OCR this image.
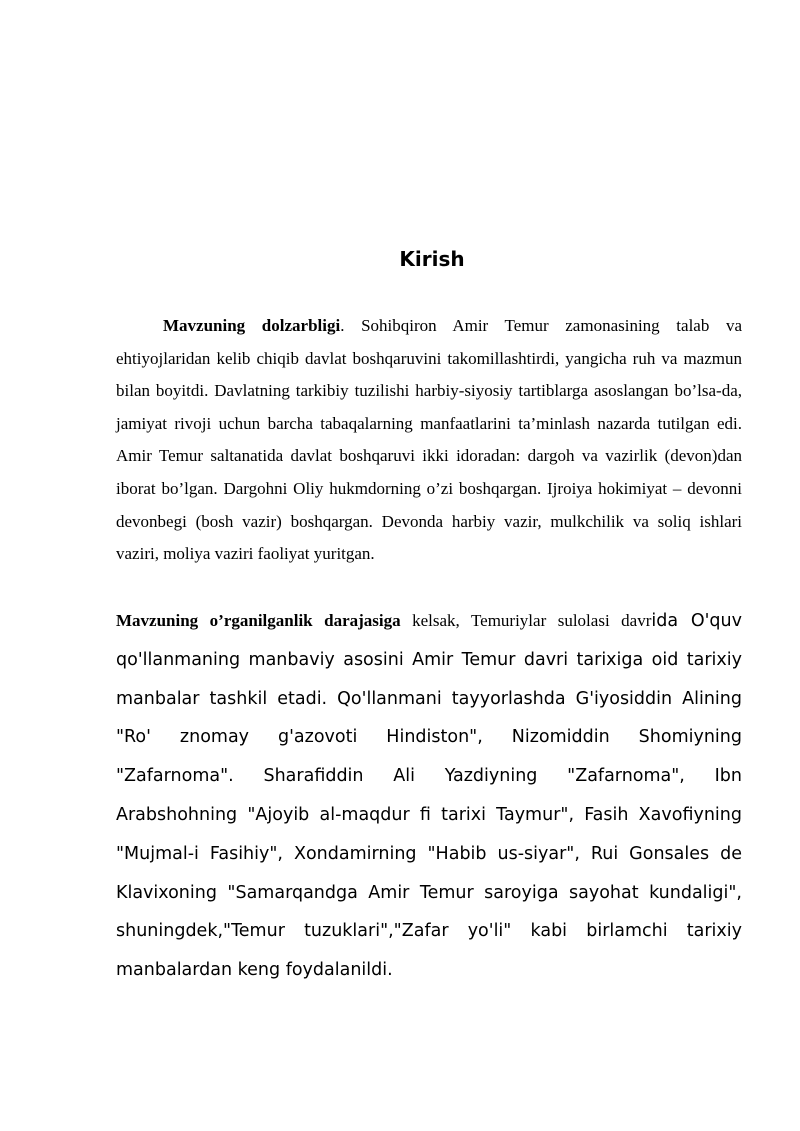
Kirish

Mavzuning dolzarbligi. Sohibqiron Amir Temur zamonasining talab va ehtiyojlaridan kelib chiqib davlat boshqaruvini takomillashtirdi, yangicha ruh va mazmun bilan boyitdi. Davlatning tarkibiy tuzilishi harbiy-siyosiy tartiblarga asoslangan bo’lsa-da, jamiyat rivoji uchun barcha tabaqalarning manfaatlarini ta’minlash nazarda tutilgan edi. Amir Temur saltanatida davlat boshqaruvi ikki idoradan: dargoh va vazirlik (devon)dan iborat bo’lgan. Dargohni Oliy hukmdorning o’zi boshqargan. Ijroiya hokimiyat – devonni devonbegi (bosh vazir) boshqargan. Devonda harbiy vazir, mulkchilik va soliq ishlari vaziri, moliya vaziri faoliyat yuritgan.

Mavzuning o’rganilganlik darajasiga kelsak, Temuriylar sulolasi davrida O'quv qo'llanmaning manbaviy asosini Amir Temur davri tarixiga oid tarixiy manbalar tashkil etadi. Qo'llanmani tayyorlashda G'iyosiddin Alining "Ro' znomay g'azovoti Hindiston", Nizomiddin Shomiyning "Zafarnoma". Sharafiddin Ali Yazdiyning "Zafarnoma", Ibn Arabshohning "Ajoyib al-maqdur fi tarixi Taymur", Fasih Xavofiyning "Mujmal-i Fasihiy", Xondamirning "Habib us-siyar", Rui Gonsales de Klavixoning "Samarqandga Amir Temur saroyiga sayohat kundaligi", shuningdek,"Temur tuzuklari","Zafar yo'li" kabi birlamchi tarixiy manbalardan keng foydalanildi.
